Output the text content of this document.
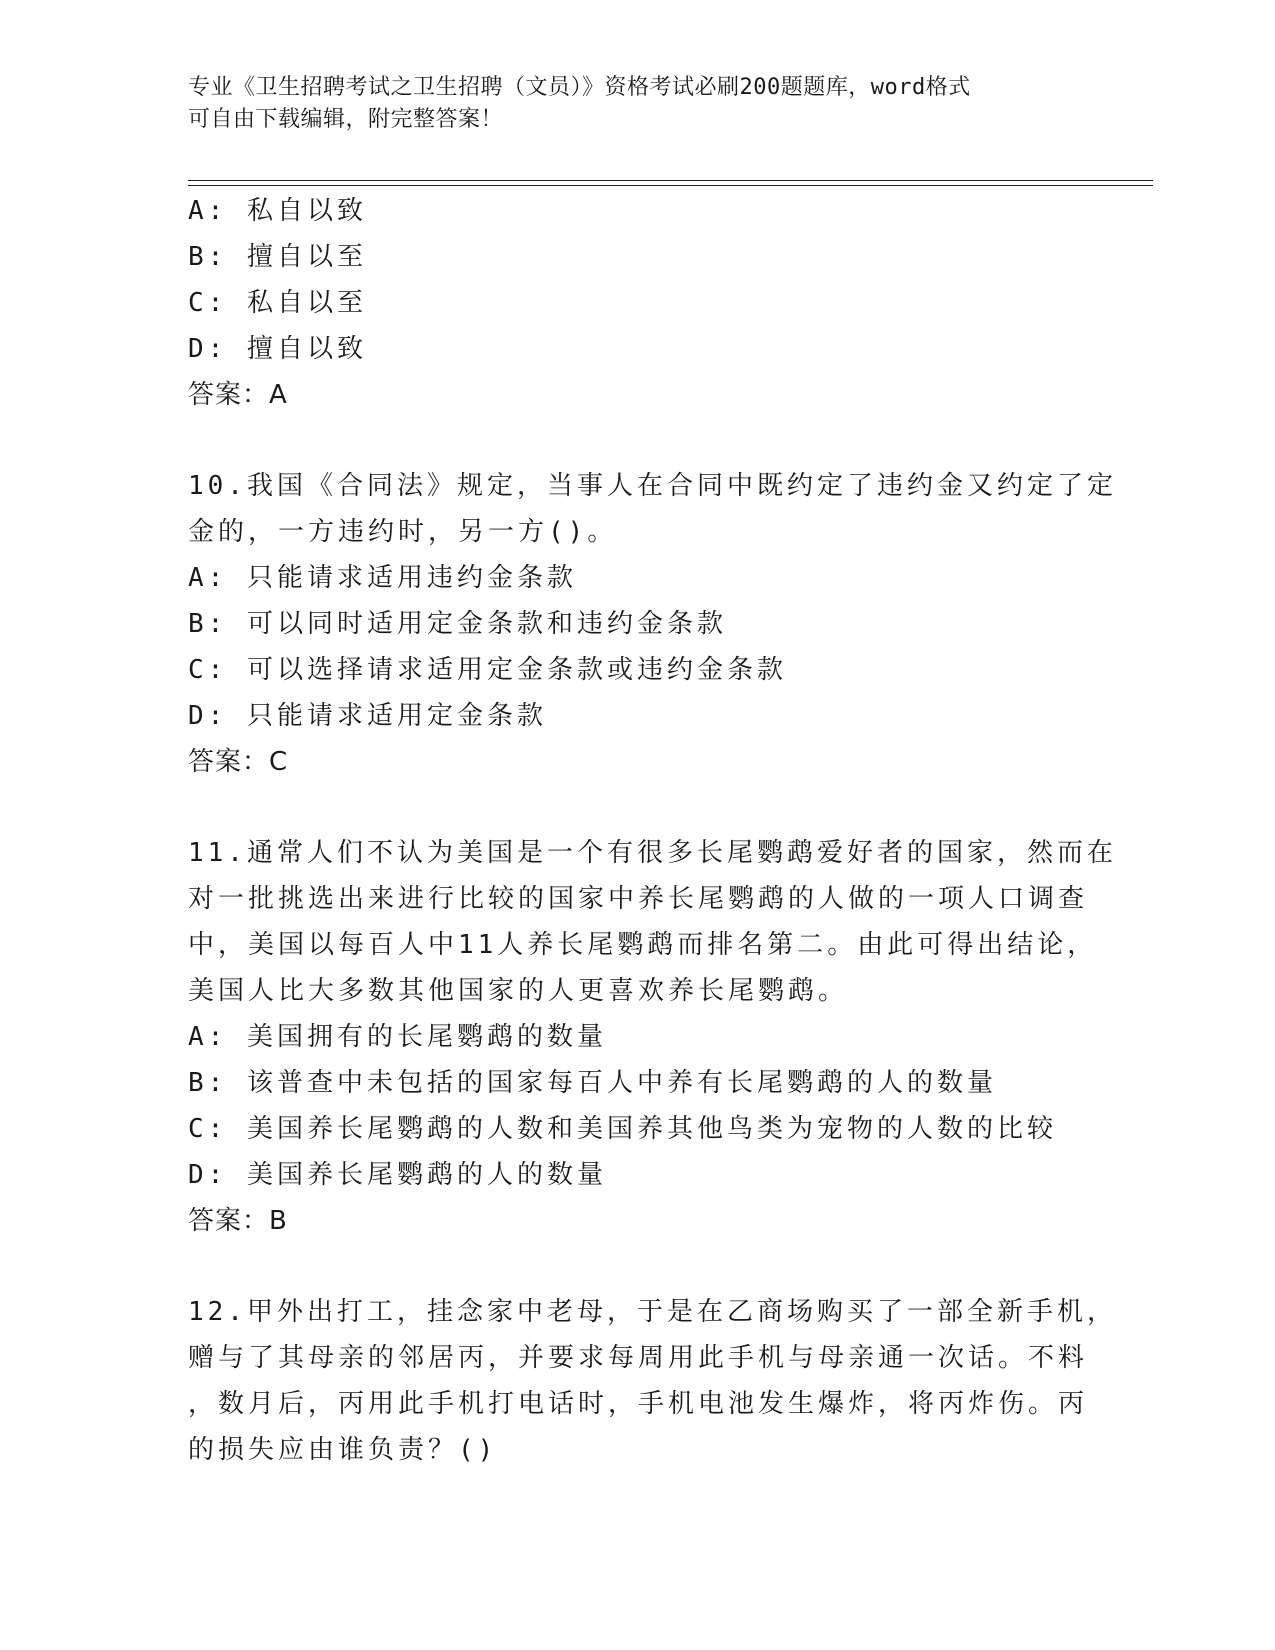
专业《卫生招聘考试之卫生招聘（文员）》资格考试必刷200题题库，word格式
可自由下载编辑，附完整答案！
A: 私自以致
B: 擅自以至
C: 私自以至
D: 擅自以致
答案：A
10.我国《合同法》规定，当事人在合同中既约定了违约金又约定了定
金的，一方违约时，另一方()。
A: 只能请求适用违约金条款
B: 可以同时适用定金条款和违约金条款
C: 可以选择请求适用定金条款或违约金条款
D: 只能请求适用定金条款
答案：C
11.通常人们不认为美国是一个有很多长尾鹦鹉爱好者的国家，然而在
对一批挑选出来进行比较的国家中养长尾鹦鹉的人做的一项人口调查
中，美国以每百人中11人养长尾鹦鹉而排名第二。由此可得出结论，
美国人比大多数其他国家的人更喜欢养长尾鹦鹉。
A: 美国拥有的长尾鹦鹉的数量
B: 该普查中未包括的国家每百人中养有长尾鹦鹉的人的数量
C: 美国养长尾鹦鹉的人数和美国养其他鸟类为宠物的人数的比较
D: 美国养长尾鹦鹉的人的数量
答案：B
12.甲外出打工，挂念家中老母，于是在乙商场购买了一部全新手机，
赠与了其母亲的邻居丙，并要求每周用此手机与母亲通一次话。不料
，数月后，丙用此手机打电话时，手机电池发生爆炸，将丙炸伤。丙
的损失应由谁负责？()
